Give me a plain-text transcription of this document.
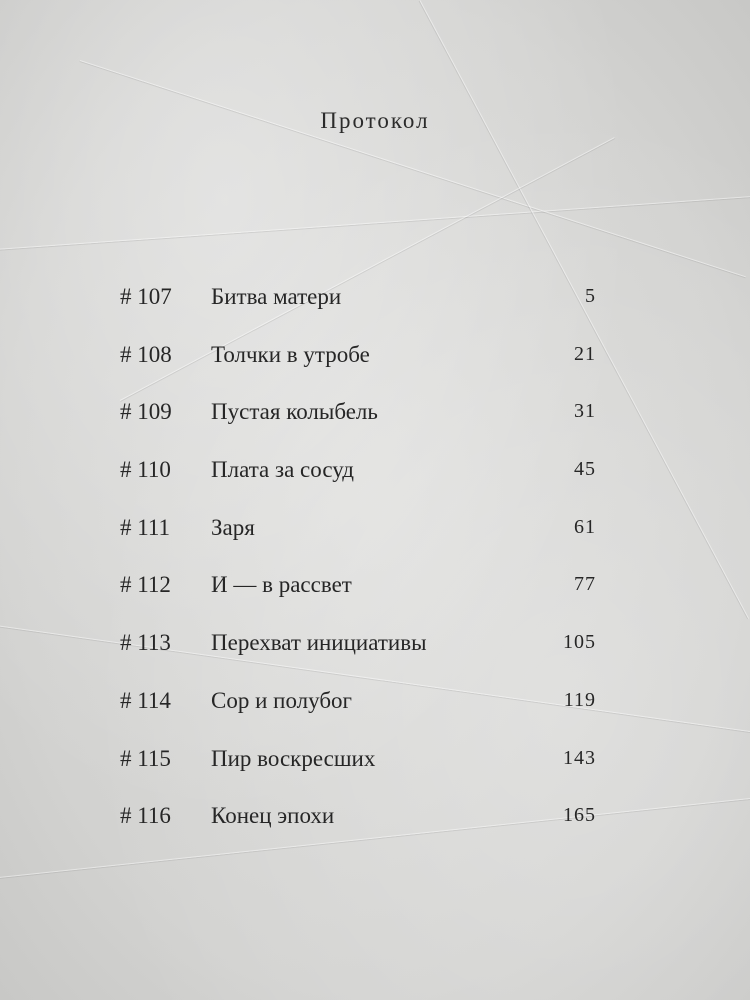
Протокол
# 107 Битва матери	5
# 108 Толчки в утробе	21
# 109 Пустая колыбель	31
# 110 Плата за сосуд	45
# 111 Заря	61
# 112 И — в рассвет	77
# 113 Перехват инициативы	105
# 114 Сор и полубог	119
# 115 Пир воскресших	143
# 116 Конец эпохи	165
